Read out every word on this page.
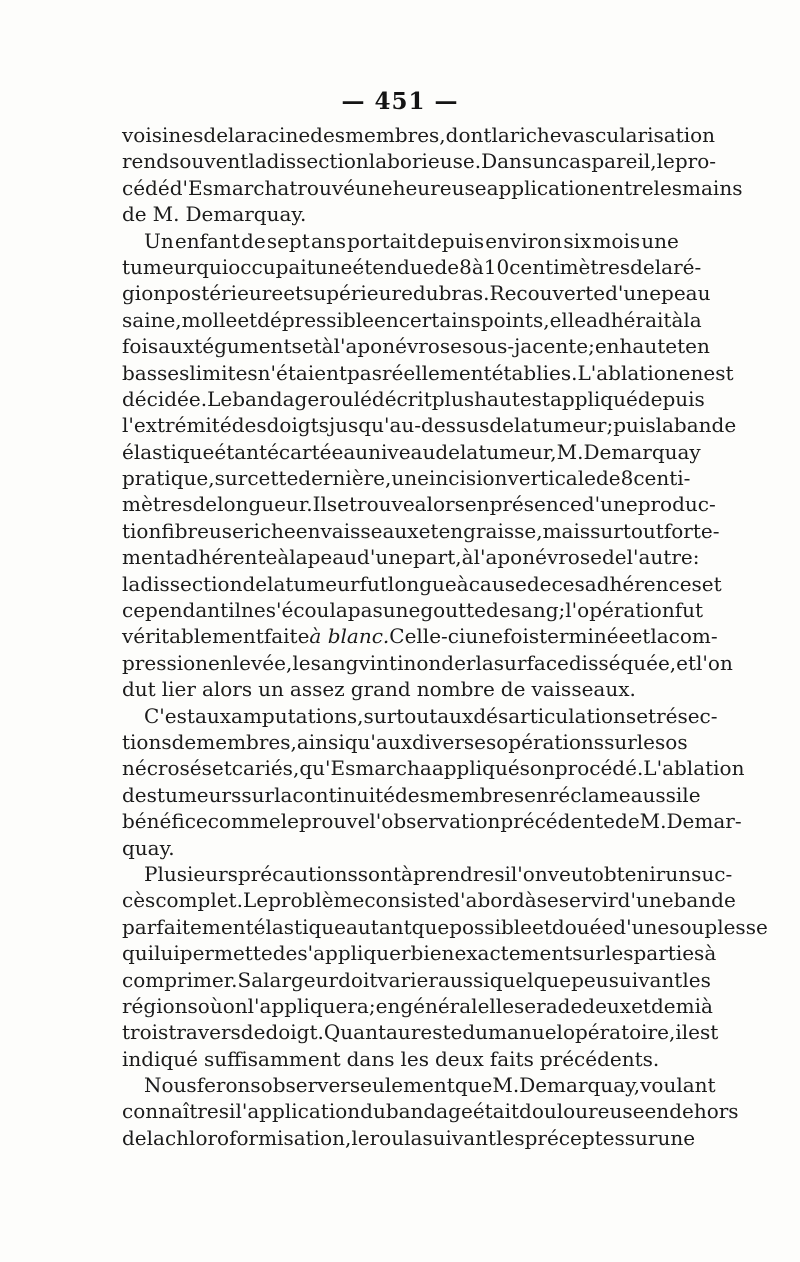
— 451 —
voisines de la racine des membres, dont la riche vascularisation
rend souvent la dissection laborieuse. Dans un cas pareil, le pro-
cédé d'Esmarch a trouvé une heureuse application entre les mains
de M. Demarquay.
Un enfant de sept ans portait depuis environ six mois une
tumeur qui occupait une étendue de 8 à 10 centimètres de la ré-
gion postérieure et supérieure du bras. Recouverte d'une peau
saine, molle et dépressible en certains points, elle adhérait à la
fois aux téguments et à l'aponévrose sous-jacente ; en haut et en
bas ses limites n'étaient pas réellement établies. L'ablation en est
décidée. Le bandage roulé décrit plus haut est appliqué depuis
l'extrémité des doigts jusqu'au-dessus de la tumeur ; puis la bande
élastique étant écartée au niveau de la tumeur, M. Demarquay
pratique, sur cette dernière, une incision verticale de 8 centi-
mètres de longueur. Il se trouve alors en présence d'une produc-
tion fibreuse riche en vaisseaux et en graisse, mais surtout forte-
ment adhérente à la peau d'une part, à l'aponévrose de l'autre :
la dissection de la tumeur fut longue à cause de ces adhérences et
cependant il ne s'écoula pas une goutte de sang ; l'opération fut
véritablement faite à blanc. Celle-ci une fois terminée et la com-
pression enlevée, le sang vint inonder la surface disséquée, et l'on
dut lier alors un assez grand nombre de vaisseaux.
C'est aux amputations, surtout aux désarticulations et résec-
tions de membres, ainsi qu'aux diverses opérations sur les os
nécrosés et cariés, qu'Esmarch a appliqué son procédé. L'ablation
des tumeurs sur la continuité des membres en réclame aussi le
bénéfice comme le prouve l'observation précédente de M. Demar-
quay.
Plusieurs précautions sont à prendre si l'on veut obtenir un suc-
cès complet. Le problème consiste d'abord à se servir d'une bande
parfaitement élastique autant que possible et douée d'une souplesse
qui lui permette de s'appliquer bien exactement sur les parties à
comprimer. Sa largeur doit varier aussi quelque peu suivant les
régions où on l'appliquera ; en général elle sera de deux et demi à
trois travers de doigt. Quant au reste du manuel opératoire, il est
indiqué suffisamment dans les deux faits précédents.
Nous ferons observer seulement que M. Demarquay, voulant
connaître si l'application du bandage était douloureuse en dehors
de la chloroformisation, le roula suivant les préceptes sur une
